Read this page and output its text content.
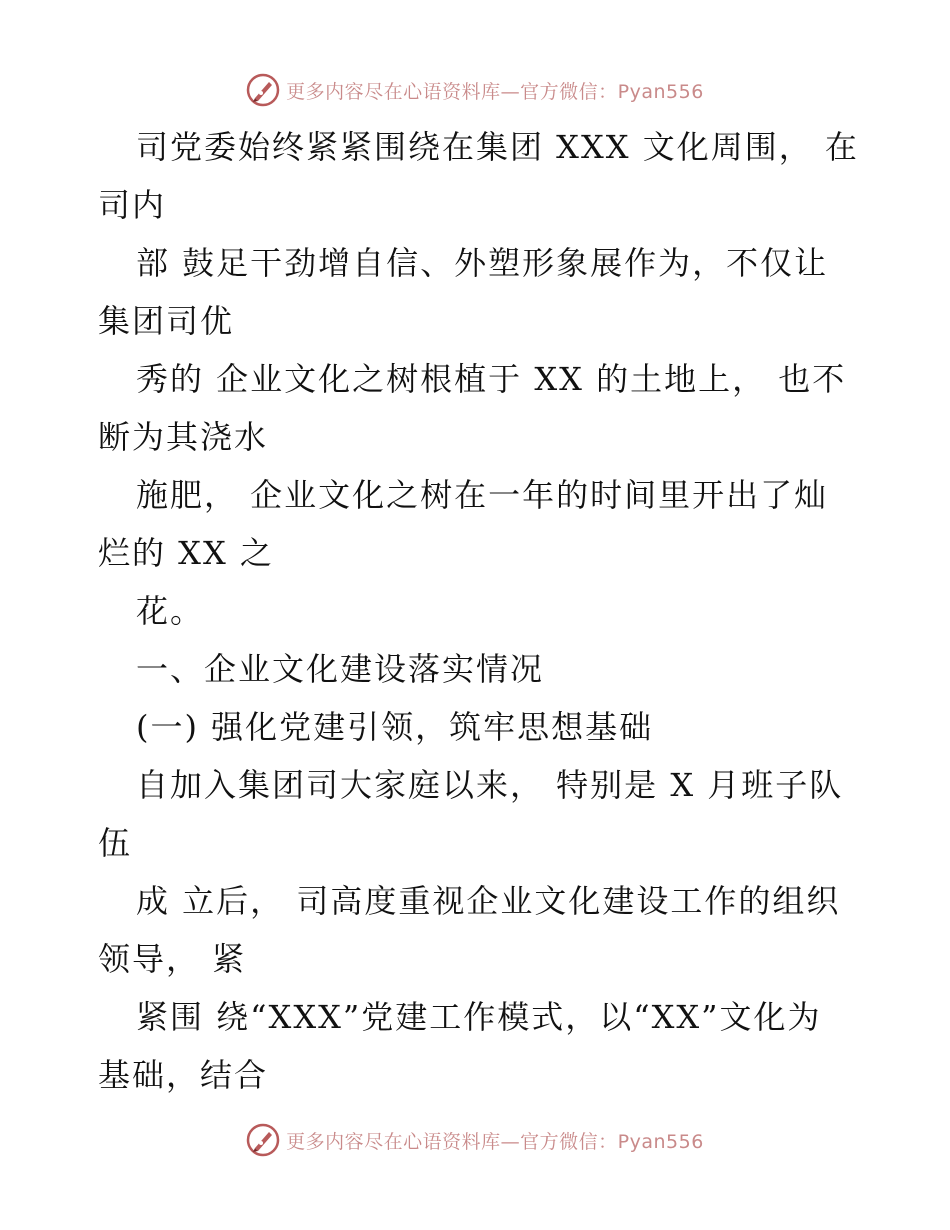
更多内容尽在心语资料库—官方微信：Pyan556
司党委始终紧紧围绕在集团 XXX 文化周围， 在
司内
部 鼓足干劲增自信、外塑形象展作为，不仅让
集团司优
秀的 企业文化之树根植于 XX 的土地上， 也不
断为其浇水
施肥， 企业文化之树在一年的时间里开出了灿
烂的 XX 之
花。
一、企业文化建设落实情况
(一) 强化党建引领，筑牢思想基础
自加入集团司大家庭以来， 特别是 X 月班子队
伍
成 立后， 司高度重视企业文化建设工作的组织
领导， 紧
紧围 绕“XXX”党建工作模式，以“XX”文化为
基础，结合
更多内容尽在心语资料库—官方微信：Pyan556
